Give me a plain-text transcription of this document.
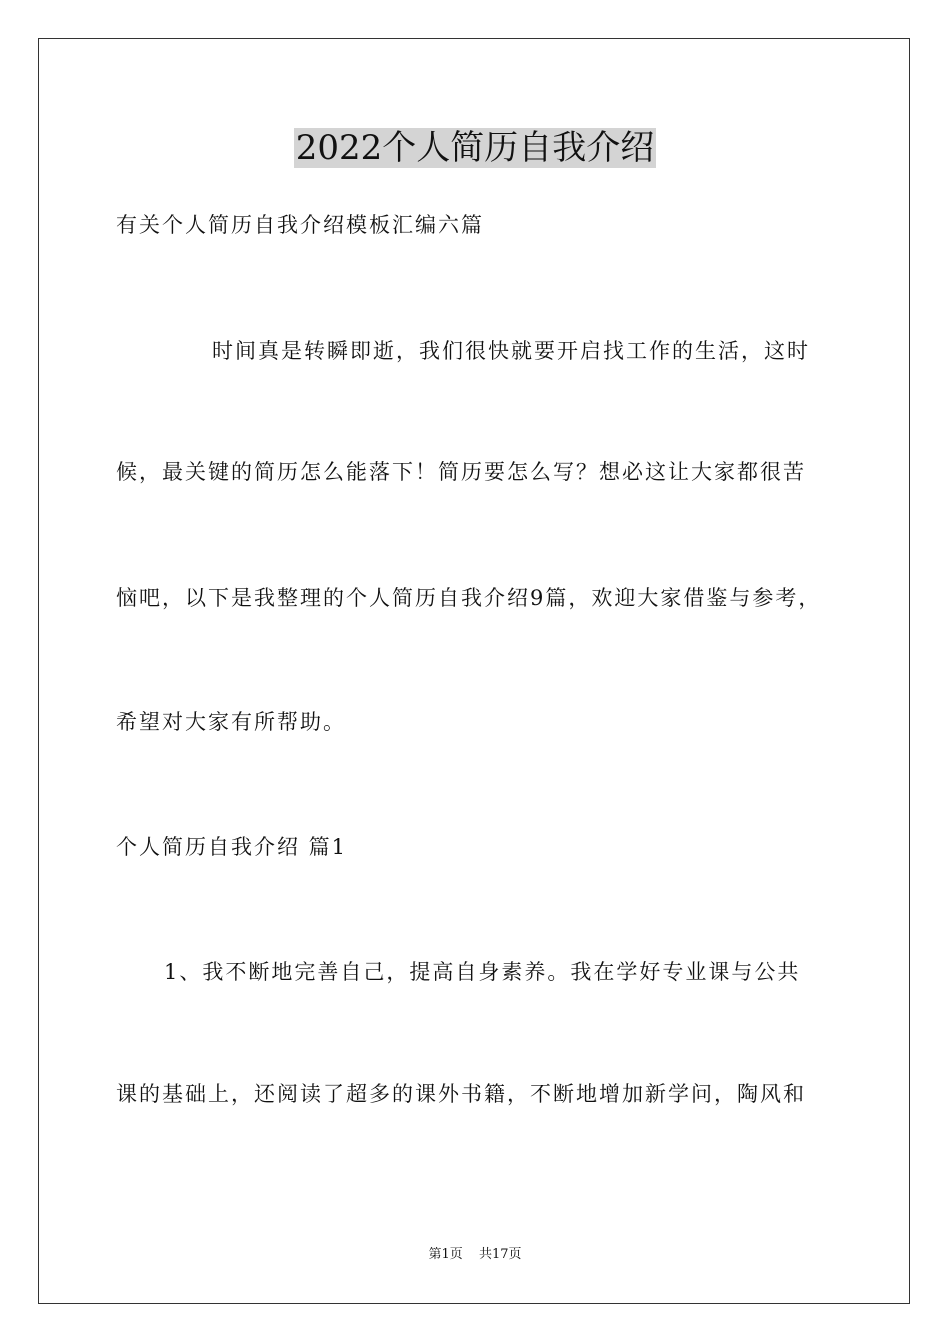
2022个人简历自我介绍
有关个人简历自我介绍模板汇编六篇
时间真是转瞬即逝，我们很快就要开启找工作的生活，这时
候，最关键的简历怎么能落下！简历要怎么写？想必这让大家都很苦
恼吧，以下是我整理的个人简历自我介绍9篇，欢迎大家借鉴与参考，
希望对大家有所帮助。
个人简历自我介绍 篇1
1、我不断地完善自己，提高自身素养。我在学好专业课与公共
课的基础上，还阅读了超多的课外书籍，不断地增加新学问，陶风和
第1页 共17页
